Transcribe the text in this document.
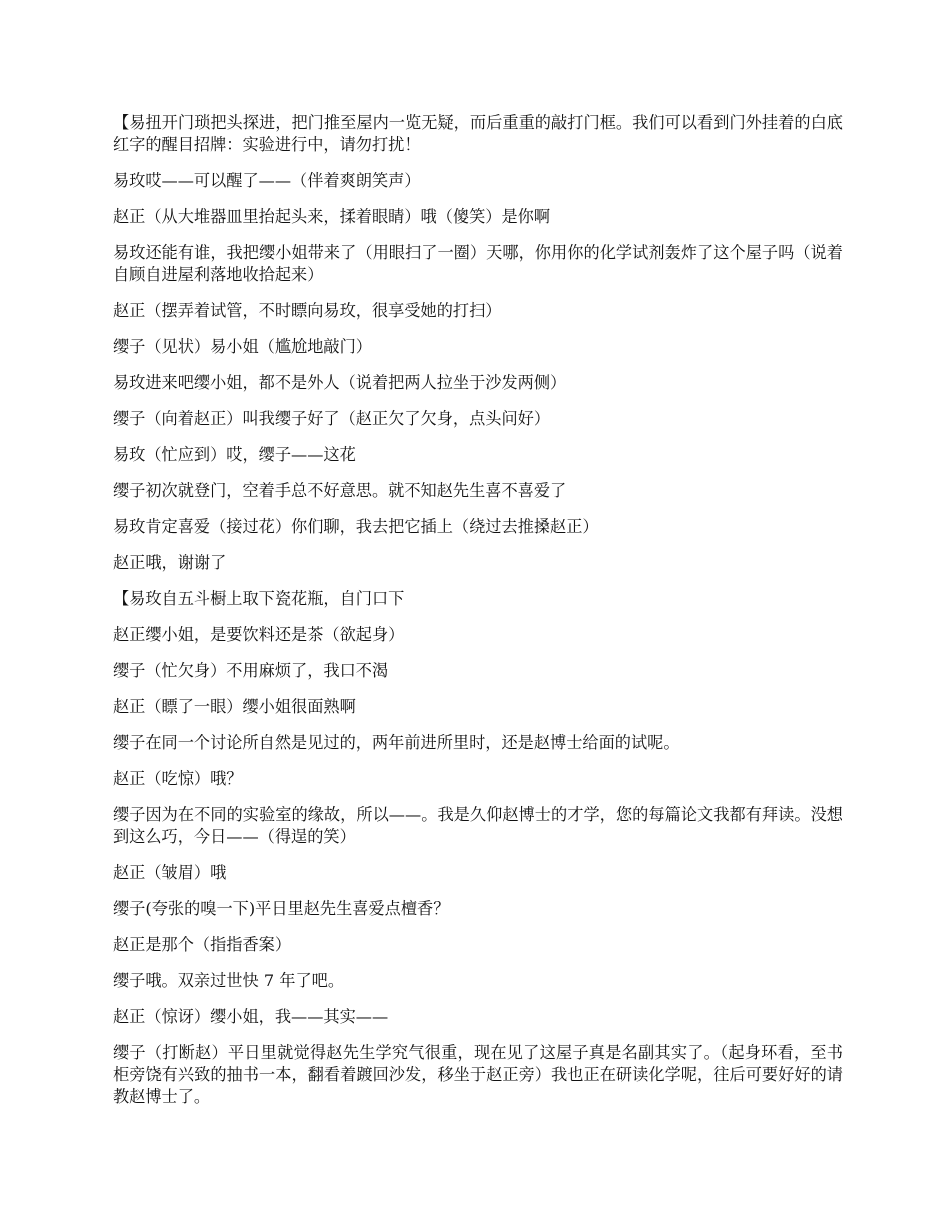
【易扭开门琐把头探进，把门推至屋内一览无疑，而后重重的敲打门框。我们可以看到门外挂着的白底红字的醒目招牌：实验进行中，请勿打扰！

易玫哎——可以醒了——（伴着爽朗笑声）

赵正（从大堆器皿里抬起头来，揉着眼睛）哦（傻笑）是你啊

易玫还能有谁，我把缨小姐带来了（用眼扫了一圈）天哪，你用你的化学试剂轰炸了这个屋子吗（说着自顾自进屋利落地收拾起来）

赵正（摆弄着试管，不时瞟向易玫，很享受她的打扫）

缨子（见状）易小姐（尴尬地敲门）

易玫进来吧缨小姐，都不是外人（说着把两人拉坐于沙发两侧）

缨子（向着赵正）叫我缨子好了（赵正欠了欠身，点头问好）

易玫（忙应到）哎，缨子——这花

缨子初次就登门，空着手总不好意思。就不知赵先生喜不喜爱了

易玫肯定喜爱（接过花）你们聊，我去把它插上（绕过去推搡赵正）

赵正哦，谢谢了

【易玫自五斗橱上取下瓷花瓶，自门口下

赵正缨小姐，是要饮料还是茶（欲起身）

缨子（忙欠身）不用麻烦了，我口不渴

赵正（瞟了一眼）缨小姐很面熟啊

缨子在同一个讨论所自然是见过的，两年前进所里时，还是赵博士给面的试呢。

赵正（吃惊）哦？

缨子因为在不同的实验室的缘故，所以——。我是久仰赵博士的才学，您的每篇论文我都有拜读。没想到这么巧，今日——（得逞的笑）

赵正（皱眉）哦

缨子(夸张的嗅一下)平日里赵先生喜爱点檀香？

赵正是那个（指指香案）

缨子哦。双亲过世快 7 年了吧。

赵正（惊讶）缨小姐，我——其实——

缨子（打断赵）平日里就觉得赵先生学究气很重，现在见了这屋子真是名副其实了。（起身环看，至书柜旁饶有兴致的抽书一本，翻看着踱回沙发，移坐于赵正旁）我也正在研读化学呢，往后可要好好的请教赵博士了。
